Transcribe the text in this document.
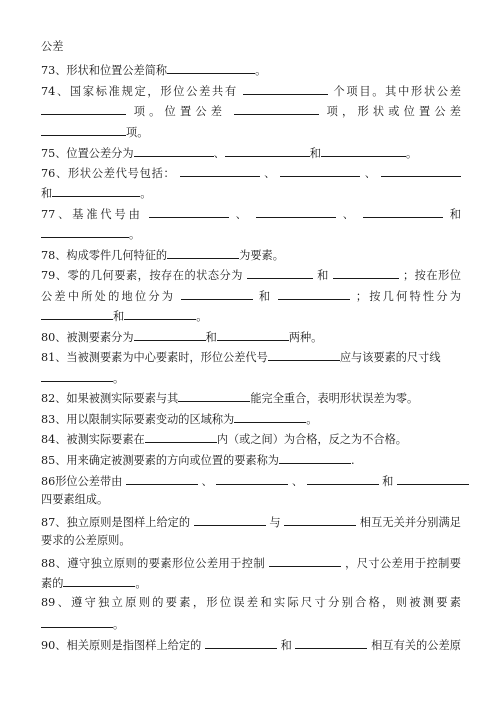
公差
73、形状和位置公差简称	。
74、国家标准规定，形位公差共有	个项目。其中形状公差
项。位置公差	项，形状或位置公差
项。
75、位置公差分为	、	和	。
76、形状公差代号包括：	、	、
和	。
77、基准代号由	、	、	和
。
78、构成零件几何特征的	为要素。
79、零的几何要素，按存在的状态分为	和	；按在形位
公差中所处的地位分为	和	；按几何特性分为
和	。
80、被测要素分为	和	两种。
81、当被测要素为中心要素时，形位公差代号	应与该要素的尺寸线
。
82、如果被测实际要素与其	能完全重合，表明形状误差为零。
83、用以限制实际要素变动的区域称为	。
84、被测实际要素在	内（或之间）为合格，反之为不合格。
85、用来确定被测要素的方向或位置的要素称为	.
86形位公差带由	、	、	和
四要素组成。
87、独立原则是图样上给定的	与	相互无关并分别满足
要求的公差原则。
88、遵守独立原则的要素形位公差用于控制	，尺寸公差用于控制要
素的	。
89、遵守独立原则的要素，形位误差和实际尺寸分别合格，则被测要素
。
90、相关原则是指图样上给定的	和	相互有关的公差原
